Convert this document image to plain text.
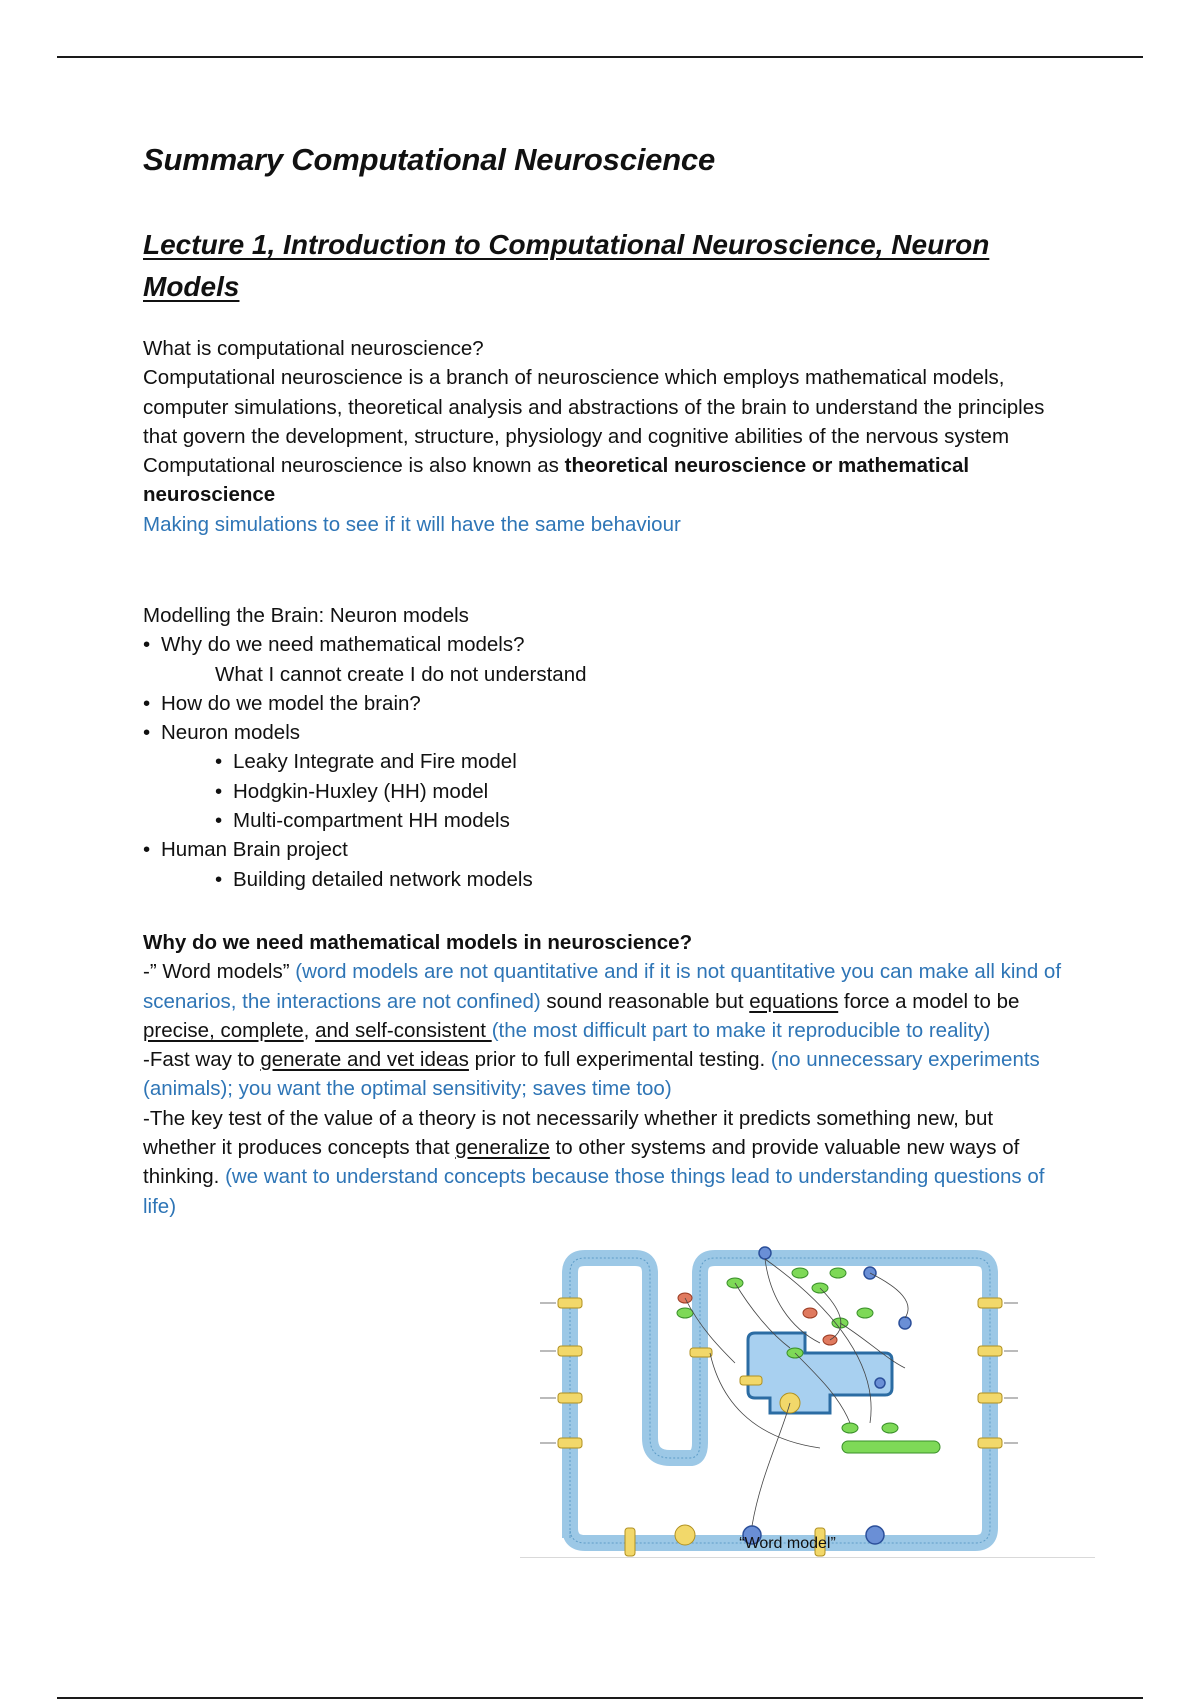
Summary Computational Neuroscience
Lecture 1, Introduction to Computational Neuroscience, Neuron Models

What is computational neuroscience?

Computational neuroscience is a branch of neuroscience which employs mathematical models, computer simulations, theoretical analysis and abstractions of the brain to understand the principles that govern the development, structure, physiology and cognitive abilities of the nervous system

Computational neuroscience is also known as theoretical neuroscience or mathematical neuroscience

Making simulations to see if it will have the same behaviour

Modelling the Brain: Neuron models

• Why do we need mathematical models?

What I cannot create I do not understand

• How do we model the brain?
• Neuron models
• Leaky Integrate and Fire model
• Hodgkin-Huxley (HH) model
• Multi-compartment HH models
• Human Brain project
• Building detailed network models

Why do we need mathematical models in neuroscience?

-” Word models” (word models are not quantitative and if it is not quantitative you can make all kind of scenarios, the interactions are not confined) sound reasonable but equations force a model to be precise, complete, and self-consistent (the most difficult part to make it reproducible to reality)

-Fast way to generate and vet ideas prior to full experimental testing. (no unnecessary experiments (animals); you want the optimal sensitivity; saves time too)

-The key test of the value of a theory is not necessarily whether it predicts something new, but whether it produces concepts that generalize to other systems and provide valuable new ways of thinking. (we want to understand concepts because those things lead to understanding questions of life)

“Word model”
